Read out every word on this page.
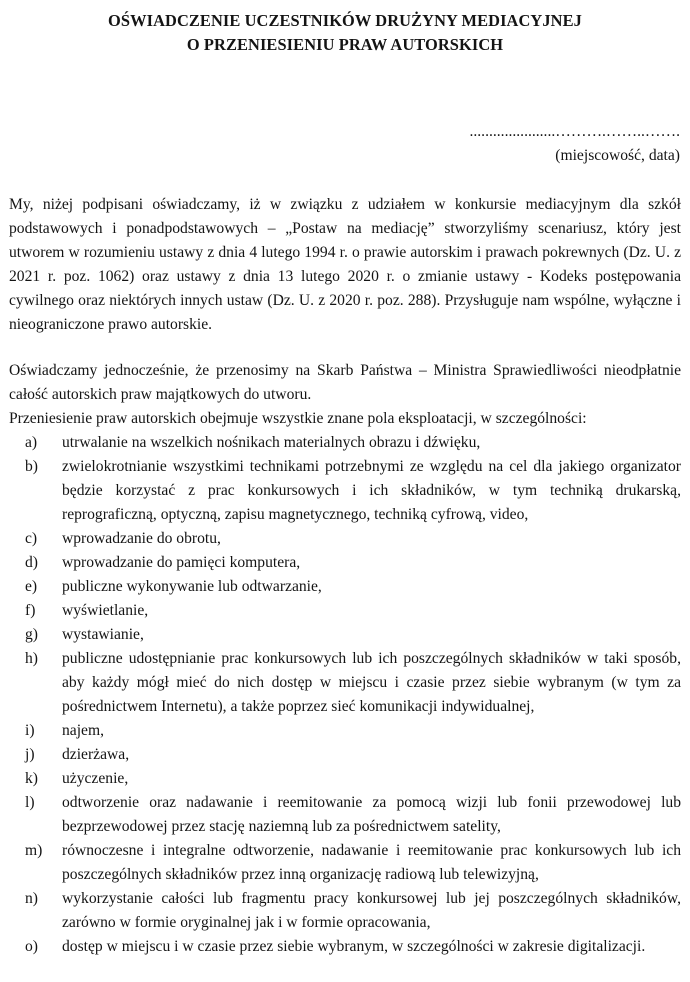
OŚWIADCZENIE UCZESTNIKÓW DRUŻYNY MEDIACYJNEJ
O PRZENIESIENIU PRAW AUTORSKICH
......................……….……..…….
(miejscowość, data)
My, niżej podpisani oświadczamy, iż w związku z udziałem w konkursie mediacyjnym dla szkół podstawowych i ponadpodstawowych – „Postaw na mediację” stworzyliśmy scenariusz, który jest utworem w rozumieniu ustawy z dnia 4 lutego 1994 r. o prawie autorskim i prawach pokrewnych (Dz. U. z 2021 r. poz. 1062) oraz ustawy z dnia 13 lutego 2020 r. o zmianie ustawy - Kodeks postępowania cywilnego oraz niektórych innych ustaw (Dz. U. z 2020 r. poz. 288). Przysługuje nam wspólne, wyłączne i nieograniczone prawo autorskie.
Oświadczamy jednocześnie, że przenosimy na Skarb Państwa – Ministra Sprawiedliwości nieodpłatnie całość autorskich praw majątkowych do utworu.
Przeniesienie praw autorskich obejmuje wszystkie znane pola eksploatacji, w szczególności:
a)	utrwalanie na wszelkich nośnikach materialnych obrazu i dźwięku,
b)	zwielokrotnianie wszystkimi technikami potrzebnymi ze względu na cel dla jakiego organizator będzie korzystać z prac konkursowych i ich składników, w tym techniką drukarską, reprograficzną, optyczną, zapisu magnetycznego, techniką cyfrową, video,
c)	wprowadzanie do obrotu,
d)	wprowadzanie do pamięci komputera,
e)	publiczne wykonywanie lub odtwarzanie,
f)	wyświetlanie,
g)	wystawianie,
h)	publiczne udostępnianie prac konkursowych lub ich poszczególnych składników w taki sposób, aby każdy mógł mieć do nich dostęp w miejscu i czasie przez siebie wybranym (w tym za pośrednictwem Internetu), a także poprzez sieć komunikacji indywidualnej,
i)	najem,
j)	dzierżawa,
k)	użyczenie,
l)	odtworzenie oraz nadawanie i reemitowanie za pomocą wizji lub fonii przewodowej lub bezprzewodowej przez stację naziemną lub za pośrednictwem satelity,
m)	równoczesne i integralne odtworzenie, nadawanie i reemitowanie prac konkursowych lub ich poszczególnych składników przez inną organizację radiową lub telewizyjną,
n)	wykorzystanie całości lub fragmentu pracy konkursowej lub jej poszczególnych składników, zarówno w formie oryginalnej jak i w formie opracowania,
o)	dostęp w miejscu i w czasie przez siebie wybranym, w szczególności w zakresie digitalizacji.
